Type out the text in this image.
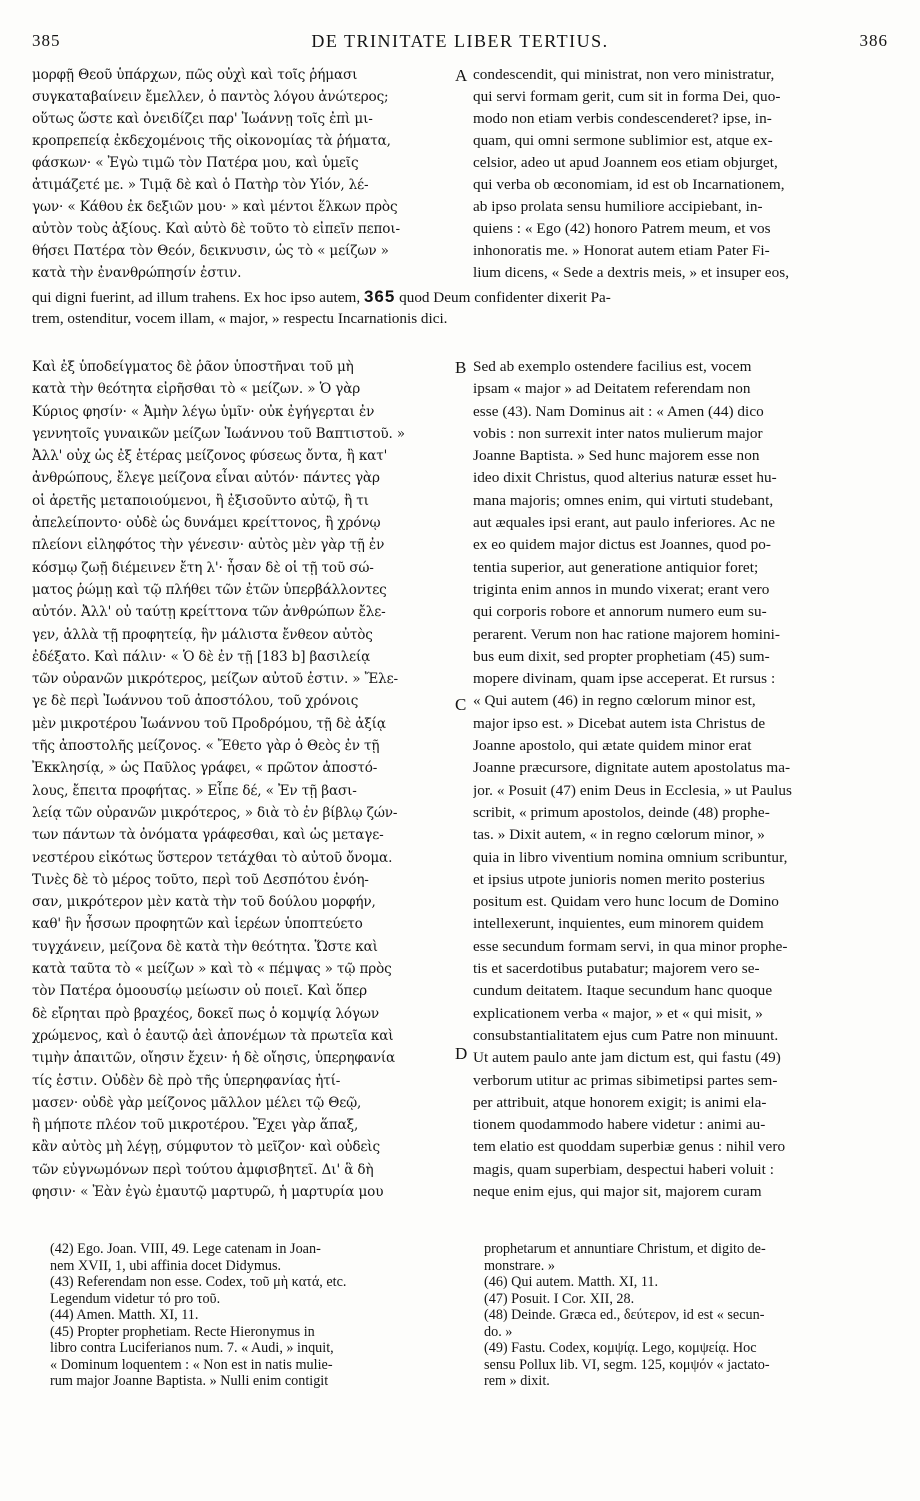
385	DE TRINITATE LIBER TERTIUS.	386
μορφῇ Θεοῦ ὑπάρχων, πῶς οὐχὶ καὶ τοῖς ῥήμασι
συγκαταβαίνειν ἔμελλεν, ὁ παντὸς λόγου ἀνώτερος;
οὕτως ὥστε καὶ ὀνειδίζει παρ' Ἰωάννῃ τοῖς ἐπὶ μι-
κροπρεπείᾳ ἐκδεχομένοις τῆς οἰκονομίας τὰ ῥήματα,
φάσκων· « Ἐγὼ τιμῶ τὸν Πατέρα μου, καὶ ὑμεῖς
ἀτιμάζετέ με. » Τιμᾷ δὲ καὶ ὁ Πατὴρ τὸν Υἱόν, λέ-
γων· « Κάθου ἐκ δεξιῶν μου· » καὶ μέντοι ἕλκων πρὸς
αὐτὸν τοὺς ἀξίους. Καὶ αὐτὸ δὲ τοῦτο τὸ εἰπεῖν πεποι-
θήσει Πατέρα τὸν Θεόν, δεικνυσιν, ὡς τὸ « μείζων »
κατὰ τὴν ἐνανθρώπησίν ἐστιν.
condescendit, qui ministrat, non vero ministratur,
qui servi formam gerit, cum sit in forma Dei, quo-
modo non etiam verbis condescenderet? ipse, in-
quam, qui omni sermone sublimior est, atque ex-
celsior, adeo ut apud Joannem eos etiam objurget,
qui verba ob œconomiam, id est ob Incarnationem,
ab ipso prolata sensu humiliore accipiebant, in-
quiens : « Ego (42) honoro Patrem meum, et vos
inhonoratis me. » Honorat autem etiam Pater Fi-
lium dicens, « Sede a dextris meis, » et insuper eos,
qui digni fuerint, ad illum trahens. Ex hoc ipso autem, 365 quod Deum confidenter dixerit Pa-
trem, ostenditur, vocem illam, « major, » respectu Incarnationis dici.
Καὶ ἐξ ὑποδείγματος δὲ ῥᾶον ὑποστῆναι τοῦ μὴ
κατὰ τὴν θεότητα εἰρῆσθαι τὸ « μείζων. » Ὁ γὰρ
Κύριος φησίν· « Ἀμὴν λέγω ὑμῖν· οὐκ ἐγήγερται ἐν
γεννητοῖς γυναικῶν μείζων Ἰωάννου τοῦ Βαπτιστοῦ. »
Ἀλλ' οὐχ ὡς ἐξ ἑτέρας μείζονος φύσεως ὄντα, ἢ κατ'
ἀνθρώπους, ἔλεγε μείζονα εἶναι αὐτόν· πάντες γὰρ
οἱ ἀρετῆς μεταποιούμενοι, ἢ ἐξισοῦντο αὐτῷ, ἢ τι
ἀπελείποντο· οὐδὲ ὡς δυνάμει κρείττονος, ἢ χρόνῳ
πλείονι εἰληφότος τὴν γένεσιν· αὐτὸς μὲν γὰρ τῇ ἐν
κόσμῳ ζωῇ διέμεινεν ἔτη λ'· ἦσαν δὲ οἱ τῇ τοῦ σώ-
ματος ῥώμῃ καὶ τῷ πλήθει τῶν ἐτῶν ὑπερβάλλοντες
αὐτόν. Ἀλλ' οὐ ταύτῃ κρείττονα τῶν ἀνθρώπων ἔλε-
γεν, ἀλλὰ τῇ προφητείᾳ, ἣν μάλιστα ἔνθεον αὐτὸς
ἐδέξατο. Καὶ πάλιν· « Ὁ δὲ ἐν τῇ [183 b] βασιλείᾳ
τῶν οὐρανῶν μικρότερος, μείζων αὐτοῦ ἐστιν. » Ἔλε-
γε δὲ περὶ Ἰωάννου τοῦ ἀποστόλου, τοῦ χρόνοις
μὲν μικροτέρου Ἰωάννου τοῦ Προδρόμου, τῇ δὲ ἀξίᾳ
τῆς ἀποστολῆς μείζονος. « Ἔθετο γὰρ ὁ Θεὸς ἐν τῇ
Ἐκκλησίᾳ, » ὡς Παῦλος γράφει, « πρῶτον ἀποστό-
λους, ἔπειτα προφήτας. » Εἶπε δέ, « Ἐν τῇ βασι-
λείᾳ τῶν οὐρανῶν μικρότερος, » διὰ τὸ ἐν βίβλῳ ζών-
των πάντων τὰ ὀνόματα γράφεσθαι, καὶ ὡς μεταγε-
νεστέρου εἰκότως ὕστερον τετάχθαι τὸ αὐτοῦ ὄνομα.
Τινὲς δὲ τὸ μέρος τοῦτο, περὶ τοῦ Δεσπότου ἐνόη-
σαν, μικρότερον μὲν κατὰ τὴν τοῦ δούλου μορφήν,
καθ' ἣν ἧσσων προφητῶν καὶ ἱερέων ὑποπτεύετο
τυγχάνειν, μείζονα δὲ κατὰ τὴν θεότητα. Ὥστε καὶ
κατὰ ταῦτα τὸ « μείζων » καὶ τὸ « πέμψας » τῷ πρὸς
τὸν Πατέρα ὁμοουσίῳ μείωσιν οὐ ποιεῖ. Καὶ ὅπερ
δὲ εἴρηται πρὸ βραχέος, δοκεῖ πως ὁ κομψίᾳ λόγων
χρώμενος, καὶ ὁ ἑαυτῷ ἀεὶ ἀπονέμων τὰ πρωτεῖα καὶ
τιμὴν ἀπαιτῶν, οἴησιν ἔχειν· ἡ δὲ οἴησις, ὑπερηφανία
τίς ἐστιν. Οὐδὲν δὲ πρὸ τῆς ὑπερηφανίας ἠτί-
μασεν· οὐδὲ γὰρ μείζονος μᾶλλον μέλει τῷ Θεῷ,
ἢ μήποτε πλέον τοῦ μικροτέρου. Ἔχει γὰρ ἅπαξ,
κἂν αὐτὸς μὴ λέγῃ, σύμφυτον τὸ μεῖζον· καὶ οὐδεὶς
τῶν εὐγνωμόνων περὶ τούτου ἀμφισβητεῖ. Δι' ἃ δὴ
φησιν· « Ἐὰν ἐγὼ ἐμαυτῷ μαρτυρῶ, ἡ μαρτυρία μου
Sed ab exemplo ostendere facilius est, vocem
ipsam « major » ad Deitatem referendam non
esse (43). Nam Dominus ait : « Amen (44) dico
vobis : non surrexit inter natos mulierum major
Joanne Baptista. » Sed hunc majorem esse non
ideo dixit Christus, quod alterius naturæ esset hu-
mana majoris; omnes enim, qui virtuti studebant,
aut æquales ipsi erant, aut paulo inferiores. Ac ne
ex eo quidem major dictus est Joannes, quod po-
tentia superior, aut generatione antiquior foret;
triginta enim annos in mundo vixerat; erant vero
qui corporis robore et annorum numero eum su-
perarent. Verum non hac ratione majorem homini-
bus eum dixit, sed propter prophetiam (45) sum-
mopere divinam, quam ipse acceperat. Et rursus :
« Qui autem (46) in regno cœlorum minor est,
major ipso est. » Dicebat autem ista Christus de
Joanne apostolo, qui ætate quidem minor erat
Joanne præcursore, dignitate autem apostolatus ma-
jor. « Posuit (47) enim Deus in Ecclesia, » ut Paulus
scribit, « primum apostolos, deinde (48) prophe-
tas. » Dixit autem, « in regno cœlorum minor, »
quia in libro viventium nomina omnium scribuntur,
et ipsius utpote junioris nomen merito posterius
positum est. Quidam vero hunc locum de Domino
intellexerunt, inquientes, eum minorem quidem
esse secundum formam servi, in qua minor prophe-
tis et sacerdotibus putabatur; majorem vero se-
cundum deitatem. Itaque secundum hanc quoque
explicationem verba « major, » et « qui misit, »
consubstantialitatem ejus cum Patre non minuunt.
Ut autem paulo ante jam dictum est, qui fastu (49)
verborum utitur ac primas sibimetipsi partes sem-
per attribuit, atque honorem exigit; is animi ela-
tionem quodammodo habere videtur : animi au-
tem elatio est quoddam superbiæ genus : nihil vero
magis, quam superbiam, despectui haberi voluit :
neque enim ejus, qui major sit, majorem curam
A
B
C
D
(42) Ego. Joan. VIII, 49. Lege catenam in Joan-
nem XVII, 1, ubi affinia docet Didymus.
(43) Referendam non esse. Codex, τοῦ μὴ κατά, etc.
Legendum videtur τό pro τοῦ.
(44) Amen. Matth. XI, 11.
(45) Propter prophetiam. Recte Hieronymus in
libro contra Luciferianos num. 7. « Audi, » inquit,
« Dominum loquentem : « Non est in natis mulie-
rum major Joanne Baptista. » Nulli enim contigit
prophetarum et annuntiare Christum, et digito de-
monstrare. »
(46) Qui autem. Matth. XI, 11.
(47) Posuit. I Cor. XII, 28.
(48) Deinde. Græca ed., δεύτερον, id est « secun-
do. »
(49) Fastu. Codex, κομψίᾳ. Lego, κομψείᾳ. Hoc
sensu Pollux lib. VI, segm. 125, κομψόν « jactato-
rem » dixit.
